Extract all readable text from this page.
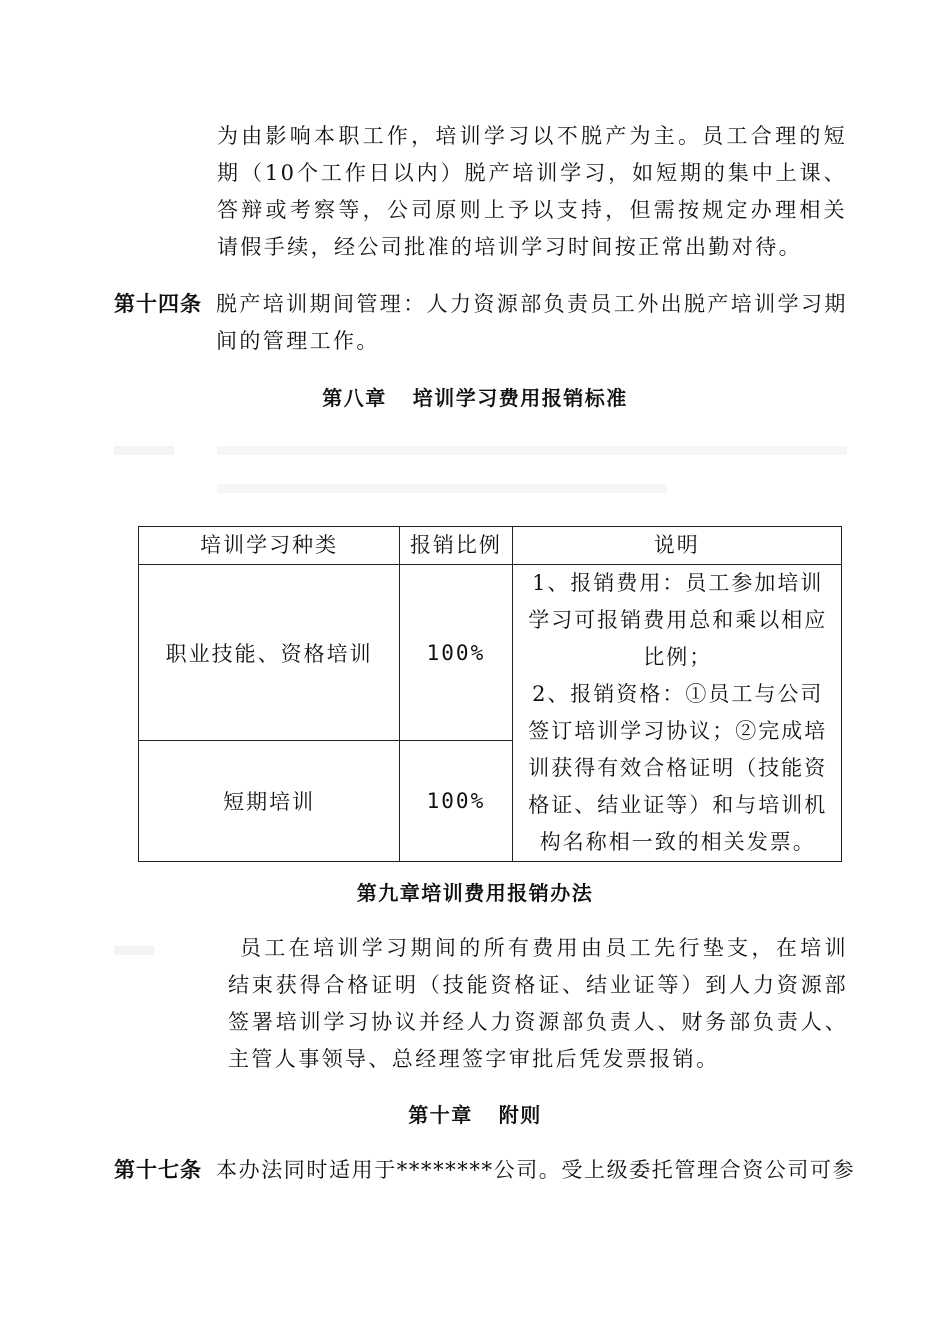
为由影响本职工作，培训学习以不脱产为主。员工合理的短期（10个工作日以内）脱产培训学习，如短期的集中上课、答辩或考察等，公司原则上予以支持，但需按规定办理相关请假手续，经公司批准的培训学习时间按正常出勤对待。

第十四条 脱产培训期间管理：人力资源部负责员工外出脱产培训学习期间的管理工作。

第八章 培训学习费用报销标准
培训学习种类	报销比例	说明
职业技能、资格培训	100%	1、报销费用：员工参加培训学习可报销费用总和乘以相应比例；
2、报销资格：①员工与公司签订培训学习协议；②完成培训获得有效合格证明（技能资格证、结业证等）和与培训机构名称相一致的相关发票。

短期培训	100%	
第九章培训费用报销办法

员工在培训学习期间的所有费用由员工先行垫支，在培训结束获得合格证明（技能资格证、结业证等）到人力资源部签署培训学习协议并经人力资源部负责人、财务部负责人、主管人事领导、总经理签字审批后凭发票报销。

第十章 附则
第十七条 本办法同时适用于********公司。受上级委托管理合资公司可参
